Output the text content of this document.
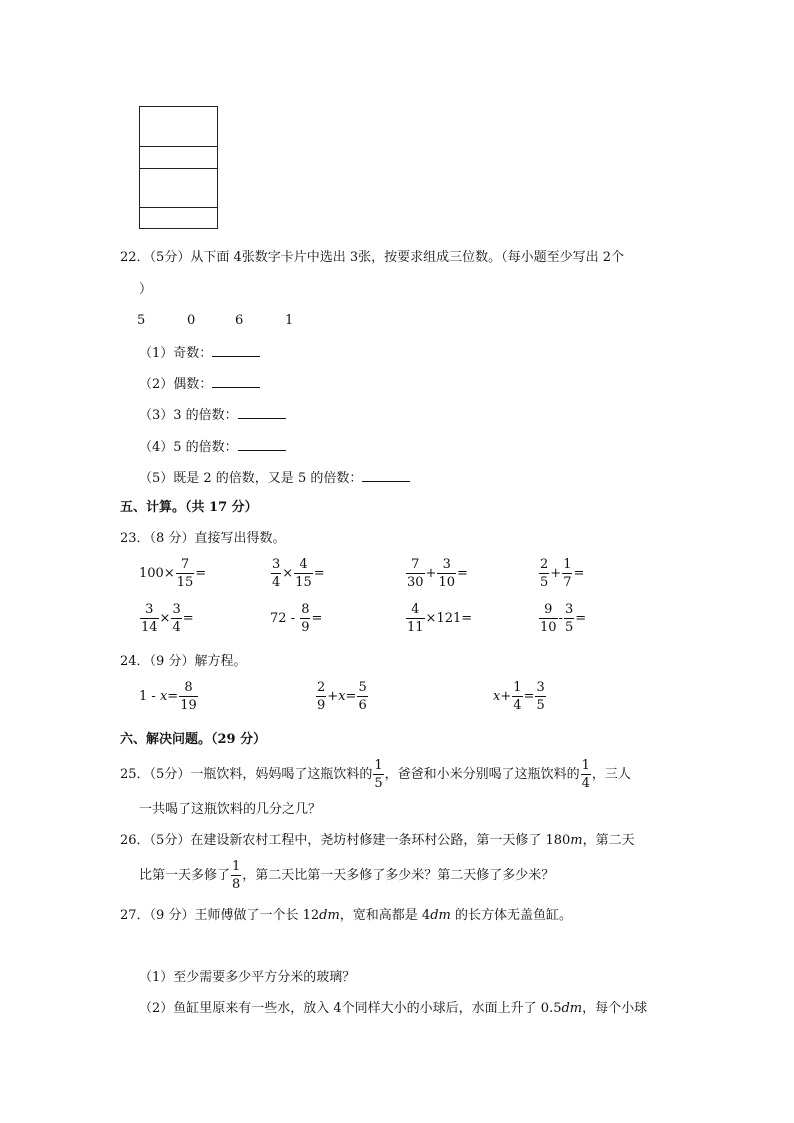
22．（5分）从下面 4张数字卡片中选出 3张，按要求组成三位数。（每小题至少写出 2个
）
5	0	6	1
（1）奇数：
（2）偶数：
（3）3 的倍数：
（4）5 的倍数：
（5）既是 2 的倍数，又是 5 的倍数：
五、计算。（共 17 分）
23．（8 分）直接写出得数。
$100\times \frac{7}{15}$ =	$\frac{3}{4} \times \frac{4}{15}$ =	$\frac{7}{30} + \frac{3}{10}$ =	$\frac{2}{5} + \frac{1}{7}$ =
$\frac{3}{14} \times \frac{3}{4}$ =	$72 - \frac{8}{9}$ =	$\frac{4}{11} \times 121=$	$\frac{9}{10} - \frac{3}{5}$ =
24．（9 分）解方程。
$1 - x = \frac{8}{19}$	$\frac{2}{9} + x = \frac{5}{6}$	$x + \frac{1}{4} = \frac{3}{5}$
六、解决问题。（29 分）
25．（5分）一瓶饮料，妈妈喝了这瓶饮料的 $\frac{1}{5}$ ，爸爸和小米分别喝了这瓶饮料的 $\frac{1}{4}$ ，三人
一共喝了这瓶饮料的几分之几？
26．（5分）在建设新农村工程中，尧坊村修建一条环村公路，第一天修了 180m，第二天
比第一天多修了 $\frac{1}{8}$ ，第二天比第一天多修了多少米？第二天修了多少米？
27．（9 分）王师傅做了一个长 12dm，宽和高都是 4dm 的长方体无盖鱼缸。
（1）至少需要多少平方分米的玻璃？
（2）鱼缸里原来有一些水，放入 4个同样大小的小球后，水面上升了 0.5dm，每个小球
